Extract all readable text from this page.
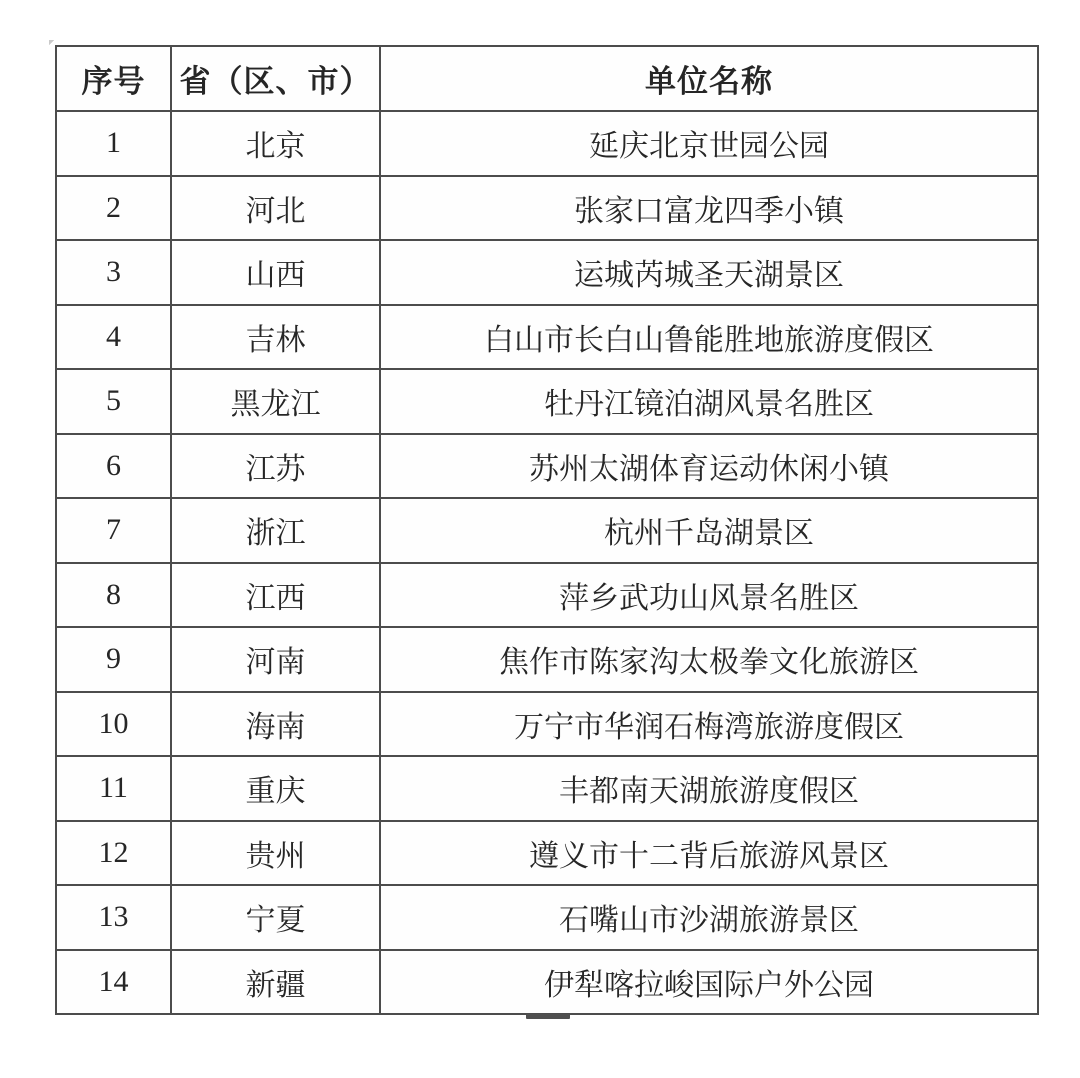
序号	省（区、市）	单位名称
1	北京	延庆北京世园公园
2	河北	张家口富龙四季小镇
3	山西	运城芮城圣天湖景区
4	吉林	白山市长白山鲁能胜地旅游度假区
5	黑龙江	牡丹江镜泊湖风景名胜区
6	江苏	苏州太湖体育运动休闲小镇
7	浙江	杭州千岛湖景区
8	江西	萍乡武功山风景名胜区
9	河南	焦作市陈家沟太极拳文化旅游区
10	海南	万宁市华润石梅湾旅游度假区
11	重庆	丰都南天湖旅游度假区
12	贵州	遵义市十二背后旅游风景区
13	宁夏	石嘴山市沙湖旅游景区
14	新疆	伊犁喀拉峻国际户外公园
